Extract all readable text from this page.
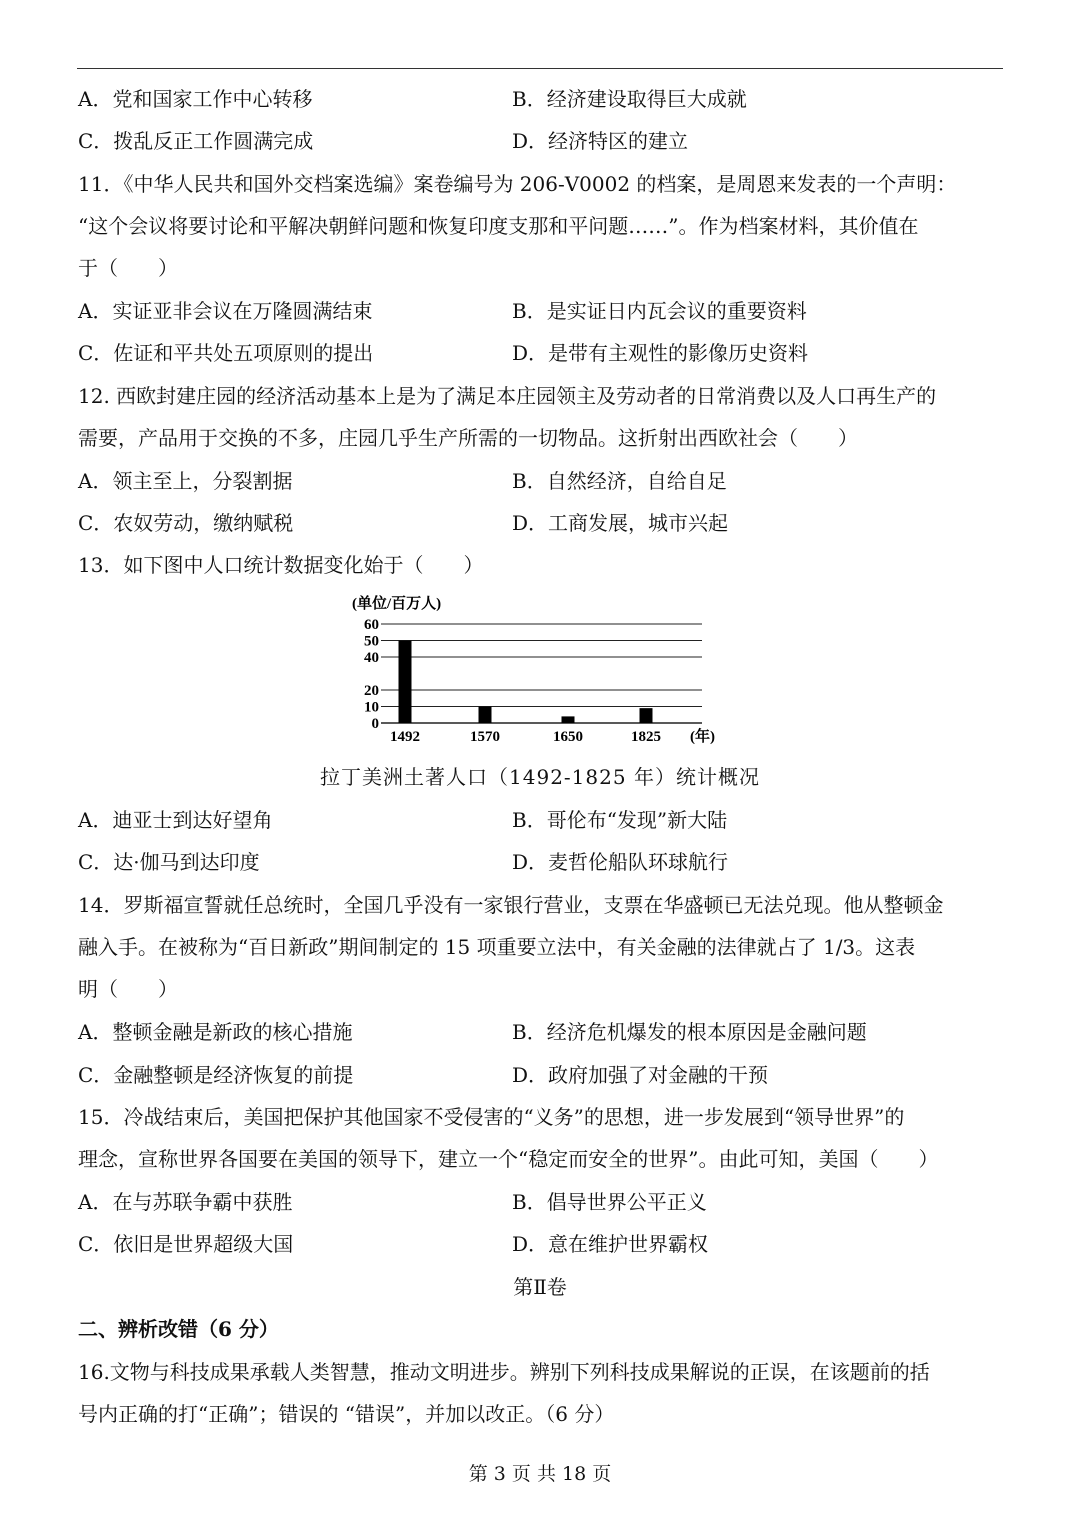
A．党和国家工作中心转移	B．经济建设取得巨大成就
C．拨乱反正工作圆满完成	D．经济特区的建立
11．《中华人民共和国外交档案选编》案卷编号为 206-V0002 的档案，是周恩来发表的一个声明：
“这个会议将要讨论和平解决朝鲜问题和恢复印度支那和平问题……”。作为档案材料，其价值在
于（　　）
A．实证亚非会议在万隆圆满结束	B．是实证日内瓦会议的重要资料
C．佐证和平共处五项原则的提出	D．是带有主观性的影像历史资料
12. 西欧封建庄园的经济活动基本上是为了满足本庄园领主及劳动者的日常消费以及人口再生产的
需要，产品用于交换的不多，庄园几乎生产所需的一切物品。这折射出西欧社会（　　）
A．领主至上，分裂割据	B．自然经济，自给自足
C．农奴劳动，缴纳赋税	D．工商发展，城市兴起
13．如下图中人口统计数据变化始于（　　）
(单位/百万人)
0
10
20
40
50
60
1492	1570	1650	1825 (年)
拉丁美洲土著人口（1492-1825 年）统计概况
A．迪亚士到达好望角	B．哥伦布“发现”新大陆
C．达·伽马到达印度	D．麦哲伦船队环球航行
14．罗斯福宣誓就任总统时，全国几乎没有一家银行营业，支票在华盛顿已无法兑现。他从整顿金
融入手。在被称为“百日新政”期间制定的 15 项重要立法中，有关金融的法律就占了 1/3。这表
明（　　）
A．整顿金融是新政的核心措施	B．经济危机爆发的根本原因是金融问题
C．金融整顿是经济恢复的前提	D．政府加强了对金融的干预
15．冷战结束后，美国把保护其他国家不受侵害的“义务”的思想，进一步发展到“领导世界”的
理念，宣称世界各国要在美国的领导下，建立一个“稳定而安全的世界”。由此可知，美国（　　）
A．在与苏联争霸中获胜	B．倡导世界公平正义
C．依旧是世界超级大国	D．意在维护世界霸权
第Ⅱ卷
二、辨析改错（6 分）
16.文物与科技成果承载人类智慧，推动文明进步。辨别下列科技成果解说的正误，在该题前的括
号内正确的打“正确”；错误的 “错误”，并加以改正。（6 分）
第 3 页 共 18 页
